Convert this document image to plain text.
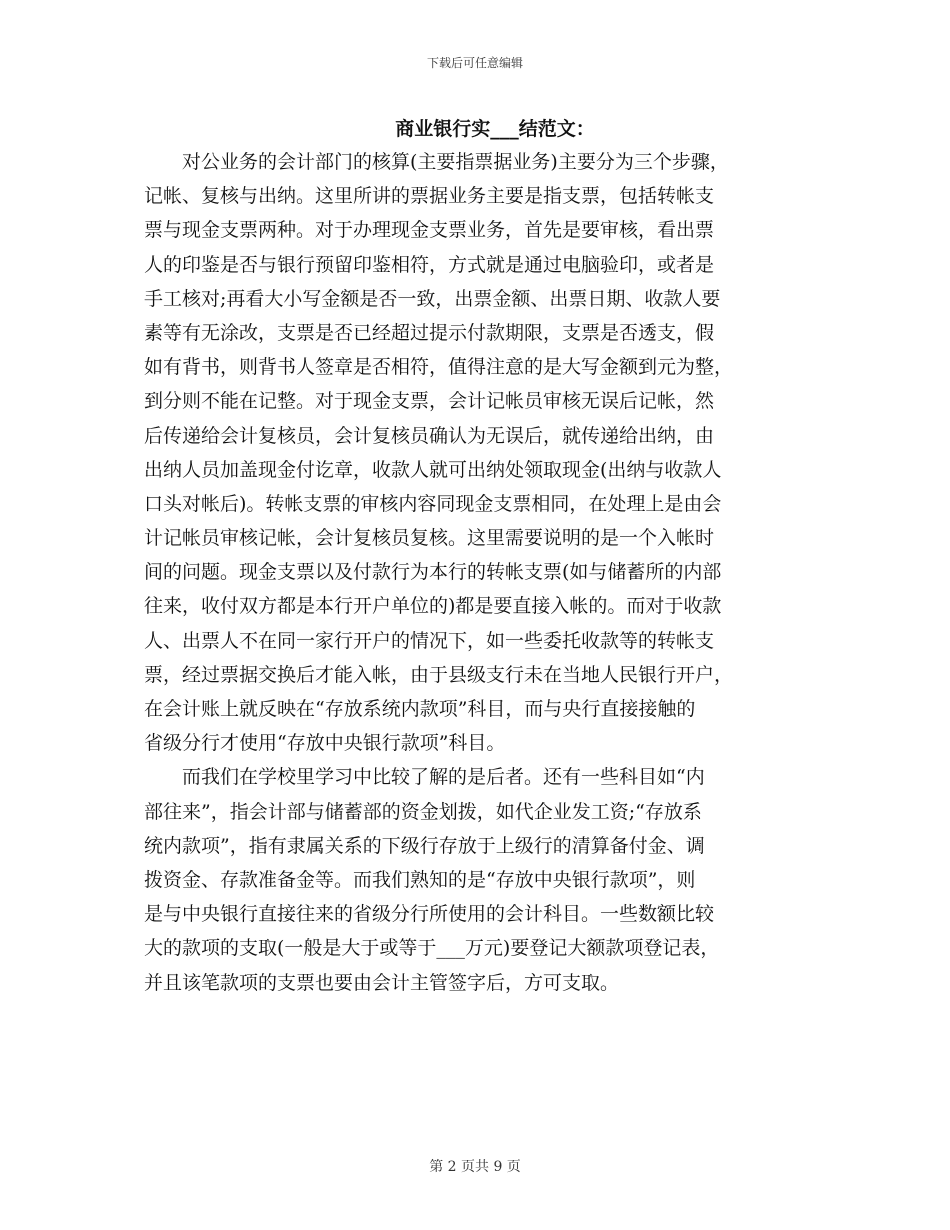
下载后可任意编辑
商业银行实___结范文：
　　对公业务的会计部门的核算(主要指票据业务)主要分为三个步骤，
记帐、复核与出纳。这里所讲的票据业务主要是指支票，包括转帐支
票与现金支票两种。对于办理现金支票业务，首先是要审核，看出票
人的印鉴是否与银行预留印鉴相符，方式就是通过电脑验印，或者是
手工核对;再看大小写金额是否一致，出票金额、出票日期、收款人要
素等有无涂改，支票是否已经超过提示付款期限，支票是否透支，假
如有背书，则背书人签章是否相符，值得注意的是大写金额到元为整，
到分则不能在记整。对于现金支票，会计记帐员审核无误后记帐，然
后传递给会计复核员，会计复核员确认为无误后，就传递给出纳，由
出纳人员加盖现金付讫章，收款人就可出纳处领取现金(出纳与收款人
口头对帐后)。转帐支票的审核内容同现金支票相同，在处理上是由会
计记帐员审核记帐，会计复核员复核。这里需要说明的是一个入帐时
间的问题。现金支票以及付款行为本行的转帐支票(如与储蓄所的内部
往来，收付双方都是本行开户单位的)都是要直接入帐的。而对于收款
人、出票人不在同一家行开户的情况下，如一些委托收款等的转帐支
票，经过票据交换后才能入帐，由于县级支行未在当地人民银行开户，
在会计账上就反映在“存放系统内款项”科目，而与央行直接接触的
省级分行才使用“存放中央银行款项”科目。
　　而我们在学校里学习中比较了解的是后者。还有一些科目如“内
部往来”，指会计部与储蓄部的资金划拨，如代企业发工资;“存放系
统内款项”，指有隶属关系的下级行存放于上级行的清算备付金、调
拨资金、存款准备金等。而我们熟知的是“存放中央银行款项”，则
是与中央银行直接往来的省级分行所使用的会计科目。一些数额比较
大的款项的支取(一般是大于或等于___万元)要登记大额款项登记表，
并且该笔款项的支票也要由会计主管签字后，方可支取。
第 2 页共 9 页
